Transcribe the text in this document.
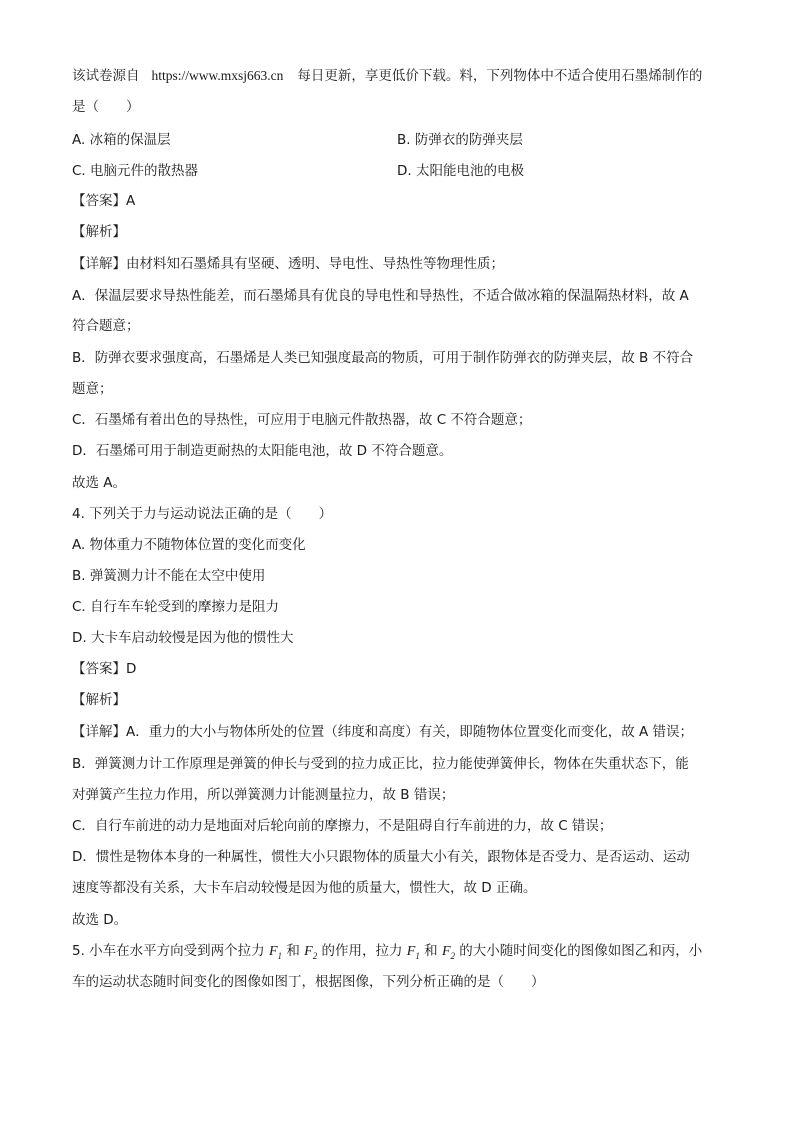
该试卷源自 https://www.mxsj663.cn 每日更新，享更低价下载。料，下列物体中不适合使用石墨烯制作的
是（　　）
A. 冰箱的保温层	B. 防弹衣的防弹夹层
C. 电脑元件的散热器	D. 太阳能电池的电极
【答案】A
【解析】
【详解】由材料知石墨烯具有坚硬、透明、导电性、导热性等物理性质；
A．保温层要求导热性能差，而石墨烯具有优良的导电性和导热性，不适合做冰箱的保温隔热材料，故 A
符合题意；
B．防弹衣要求强度高，石墨烯是人类已知强度最高的物质，可用于制作防弹衣的防弹夹层，故 B 不符合
题意；
C．石墨烯有着出色的导热性，可应用于电脑元件散热器，故 C 不符合题意；
D．石墨烯可用于制造更耐热的太阳能电池，故 D 不符合题意。
故选 A。
4. 下列关于力与运动说法正确的是（　　）
A. 物体重力不随物体位置的变化而变化
B. 弹簧测力计不能在太空中使用
C. 自行车车轮受到的摩擦力是阻力
D. 大卡车启动较慢是因为他的惯性大
【答案】D
【解析】
【详解】A．重力的大小与物体所处的位置（纬度和高度）有关，即随物体位置变化而变化，故 A 错误；
B．弹簧测力计工作原理是弹簧的伸长与受到的拉力成正比，拉力能使弹簧伸长，物体在失重状态下，能
对弹簧产生拉力作用，所以弹簧测力计能测量拉力，故 B 错误；
C．自行车前进的动力是地面对后轮向前的摩擦力，不是阻碍自行车前进的力，故 C 错误；
D．惯性是物体本身的一种属性，惯性大小只跟物体的质量大小有关，跟物体是否受力、是否运动、运动
速度等都没有关系，大卡车启动较慢是因为他的质量大，惯性大，故 D 正确。
故选 D。
5. 小车在水平方向受到两个拉力 $F_1$ 和 $F_2$ 的作用，拉力 $F_1$ 和 $F_2$ 的大小随时间变化的图像如图乙和丙，小
车的运动状态随时间变化的图像如图丁，根据图像，下列分析正确的是（　　）
